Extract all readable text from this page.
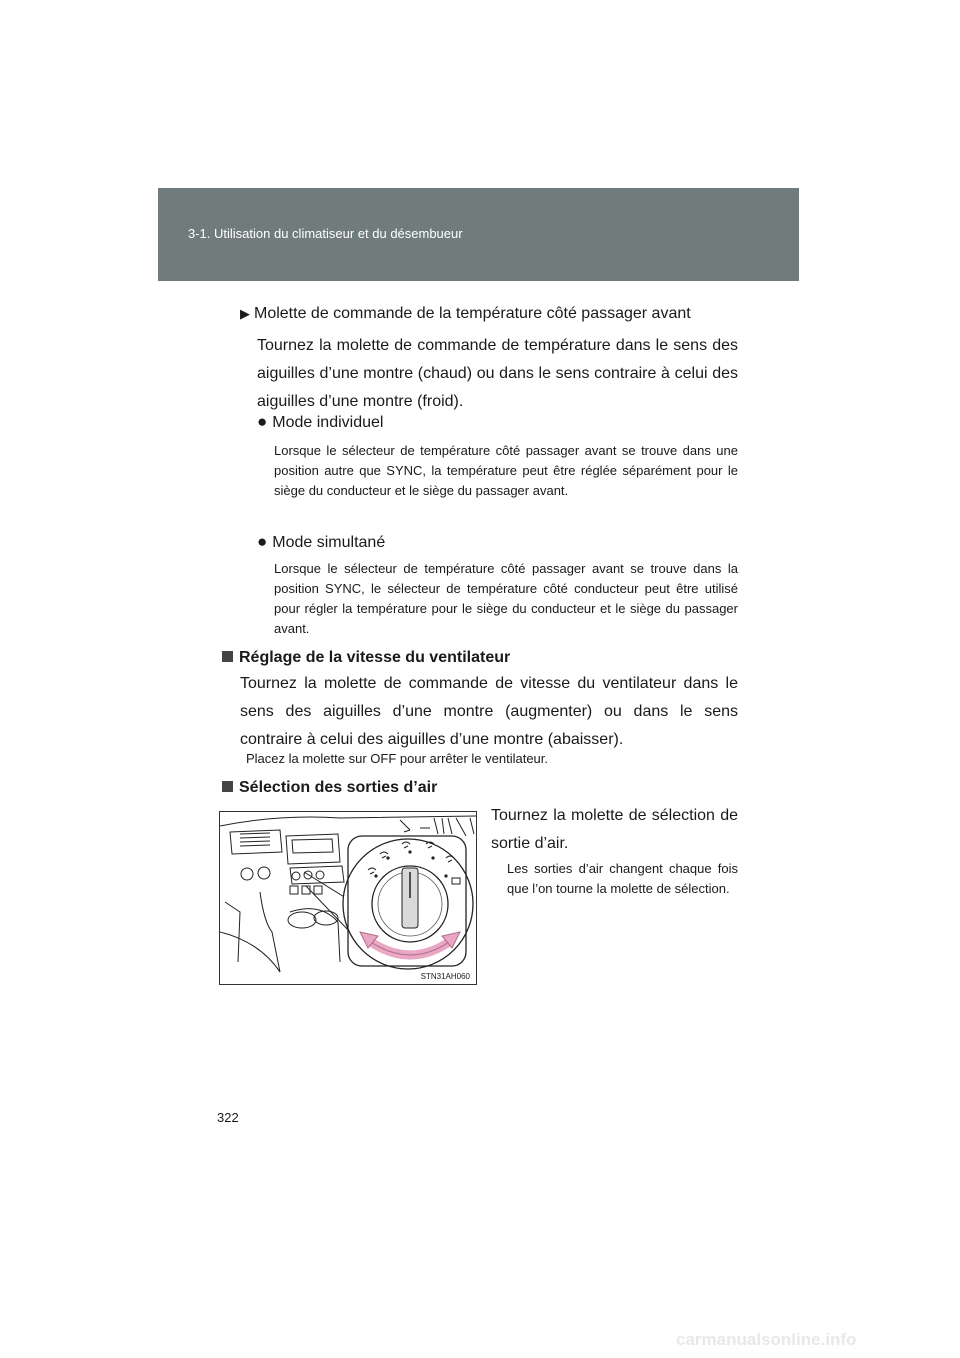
3-1. Utilisation du climatiseur et du désembueur
▶ Molette de commande de la température côté passager avant
Tournez la molette de commande de température dans le sens des aiguilles d’une montre (chaud) ou dans le sens contraire à celui des aiguilles d’une montre (froid).
● Mode individuel
Lorsque le sélecteur de température côté passager avant se trouve dans une position autre que SYNC, la température peut être réglée séparément pour le siège du conducteur et le siège du passager avant.
● Mode simultané
Lorsque le sélecteur de température côté passager avant se trouve dans la position SYNC, le sélecteur de température côté conducteur peut être utilisé pour régler la température pour le siège du conducteur et le siège du passager avant.
Réglage de la vitesse du ventilateur
Tournez la molette de commande de vitesse du ventilateur dans le sens des aiguilles d’une montre (augmenter) ou dans le sens contraire à celui des aiguilles d’une montre (abaisser).
Placez la molette sur OFF pour arrêter le ventilateur.
Sélection des sorties d’air
Tournez la molette de sélection de sortie d’air.
Les sorties d’air changent chaque fois que l’on tourne la molette de sélection.
STN31AH060
322
carmanualsonline.info
